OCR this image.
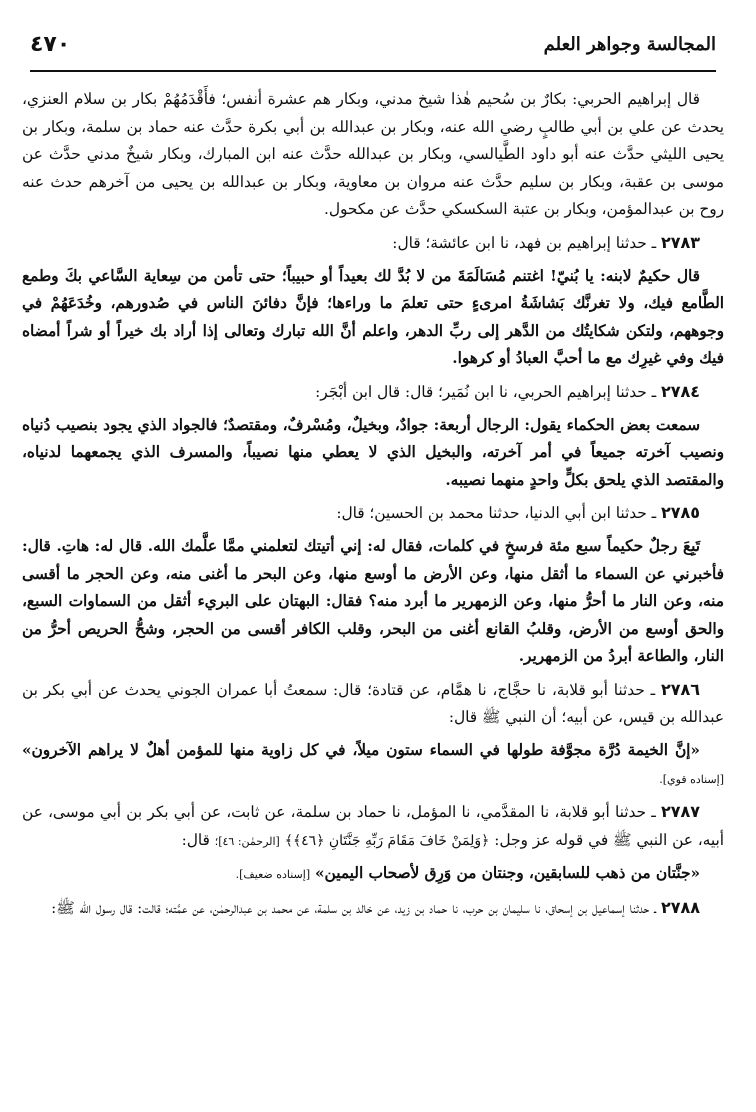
المجالسة وجواهر العلم
٤٧٠

قال إبراهيم الحربي: بكارٌ بن سُحيم هٰذا شيخ مدني، وبكار هم عشرة أنفس؛ فأَقْدَمُهُمْ بكار بن سلام العنزي، يحدث عن علي بن أبي طالبٍ رضي الله عنه، وبكار بن عبدالله بن أبي بكرة حدَّث عنه حماد بن سلمة، وبكار بن يحيى الليثي حدَّث عنه أبو داود الطَّيالسي، وبكار بن عبدالله حدَّث عنه ابن المبارك، وبكار شيخٌ مدني حدَّث عن موسى بن عقبة، وبكار بن سليم حدَّث عنه مروان بن معاوية، وبكار بن عبدالله بن يحيى من آخرهم حدث عنه روح بن عبدالمؤمن، وبكار بن عتبة السكسكي حدَّث عن مكحول.

٢٧٨٣ ـ حدثنا إبراهيم بن فهد، نا ابن عائشة؛ قال:

قال حكيمٌ لابنه: يا بُنيّ! اغتنم مُسَالَمَةَ من لا بُدَّ لك بعيداً أو حبيباً؛ حتى تأمن من سِعاية السَّاعي بكَ وطمع الطَّامع فيك، ولا تغرنَّك بَشاشَةُ امرىءٍ حتى تعلمَ ما وراءها؛ فإنَّ دفائنَ الناس في صُدورهم، وخُدَعَهُمْ في وجوههم، ولتكن شكايتُك من الدَّهر إلى ربِّ الدهر، واعلم أنَّ الله تبارك وتعالى إذا أراد بك خيراً أو شراً أمضاه فيك وفي غيرِك مع ما أحبَّ العبادُ أو كرهوا.

٢٧٨٤ ـ حدثنا إبراهيم الحربي، نا ابن نُمَير؛ قال: قال ابن أبْجَر:

سمعت بعض الحكماء يقول: الرجال أربعة: جوادٌ، وبخيلٌ، ومُسْرفٌ، ومقتصدٌ؛ فالجواد الذي يجود بنصيب دُنياه ونصيب آخرته جميعاً في أمر آخرته، والبخيل الذي لا يعطي منها نصيباً، والمسرف الذي يجمعهما لدنياه، والمقتصد الذي يلحق بكلٍّ واحدٍ منهما نصيبه.

٢٧٨٥ ـ حدثنا ابن أبي الدنيا، حدثنا محمد بن الحسين؛ قال:

تَبِعَ رجلٌ حكيماً سبع مئة فرسخٍ في كلمات، فقال له: إني أتيتك لتعلمني ممَّا علَّمك الله. قال له: هاتِ. قال: فأخبرني عن السماء ما أثقل منها، وعن الأرض ما أوسع منها، وعن البحر ما أغنى منه، وعن الحجر ما أقسى منه، وعن النار ما أحرُّ منها، وعن الزمهرير ما أبرد منه؟ فقال: البهتان على البريء أثقل من السماوات السبع، والحق أوسع من الأرض، وقلبُ القانع أغنى من البحر، وقلب الكافر أقسى من الحجر، وشحُّ الحريص أحرُّ من النار، والطاعة أبردُ من الزمهرير.

٢٧٨٦ ـ حدثنا أبو قلابة، نا حجَّاج، نا همَّام، عن قتادة؛ قال: سمعتُ أبا عمران الجوني يحدث عن أبي بكر بن عبدالله بن قيس، عن أبيه؛ أن النبي ﷺ قال:

«إنَّ الخيمة دُرَّة مجوَّفة طولها في السماء ستون ميلاً، في كل زاوية منها للمؤمن أهلٌ لا يراهم الآخرون» [إسناده قوي].

٢٧٨٧ ـ حدثنا أبو قلابة، نا المقدَّمي، نا المؤمل، نا حماد بن سلمة، عن ثابت، عن أبي بكر بن أبي موسى، عن أبيه، عن النبي ﷺ في قوله عز وجل: ﴿وَلِمَنْ خَافَ مَقَامَ رَبِّهِ جَنَّتَانِ ﴿٤٦﴾﴾ [الرحمٰن: ٤٦]؛ قال:

«جنَّتان من ذهب للسابقين، وجنتان من وَرِق لأصحاب اليمين» [إسناده ضعيف].

٢٧٨٨ ـ حدثنا إسماعيل بن إسحاق، نا سليمان بن حرب، نا حماد بن زيد، عن خالد بن سلمة، عن محمد بن عبدالرحمٰن، عن عمَّته؛ قالت: قال رسول الله ﷺ:
